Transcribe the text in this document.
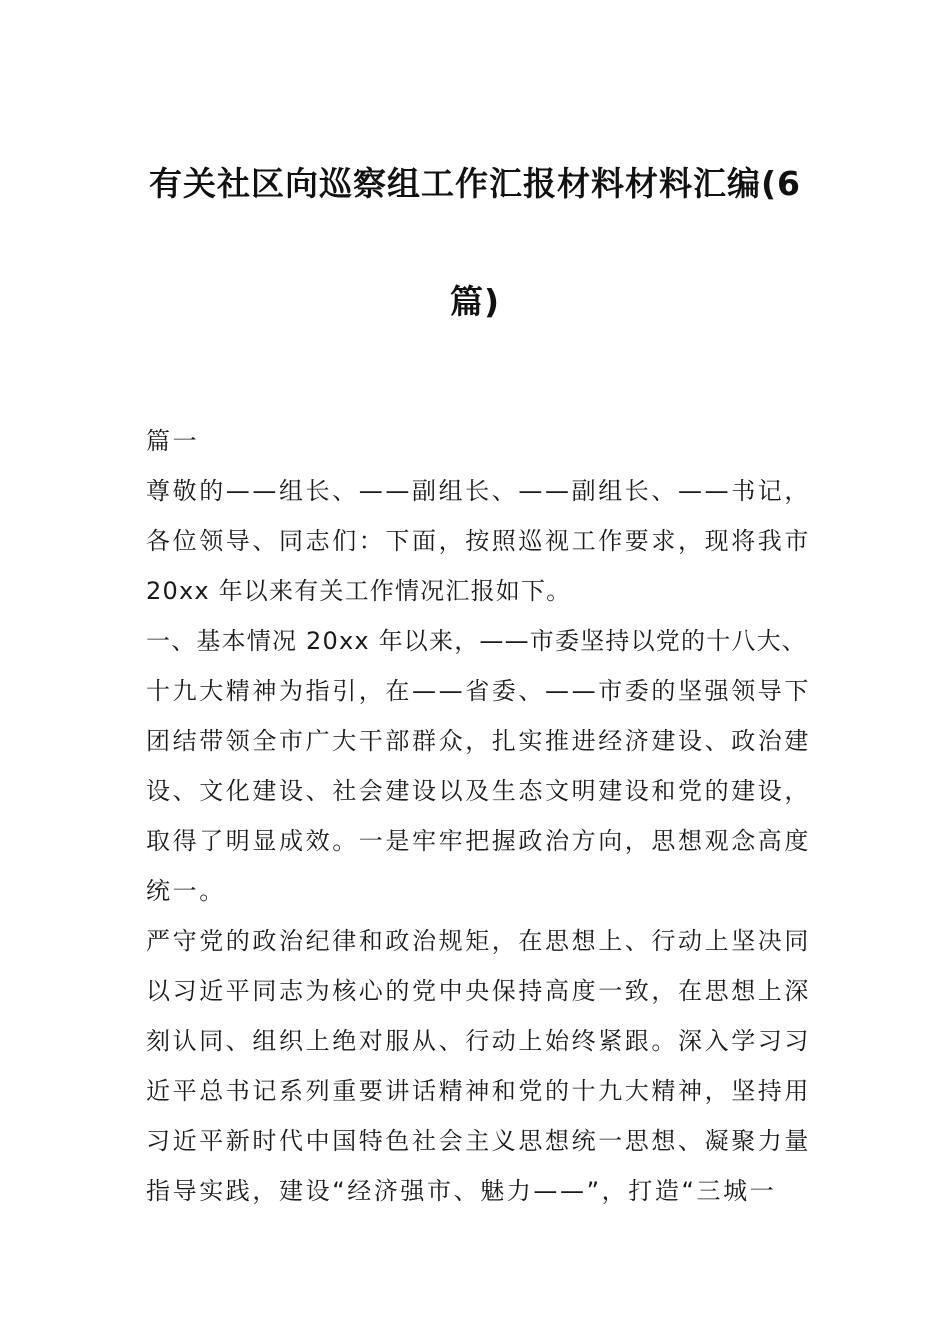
有关社区向巡察组工作汇报材料材料汇编(6
篇)
篇一
尊敬的——组长、——副组长、——副组长、——书记，
各位领导、同志们：下面，按照巡视工作要求，现将我市
20xx 年以来有关工作情况汇报如下。
一、基本情况 20xx 年以来，——市委坚持以党的十八大、
十九大精神为指引，在——省委、——市委的坚强领导下
团结带领全市广大干部群众，扎实推进经济建设、政治建
设、文化建设、社会建设以及生态文明建设和党的建设，
取得了明显成效。一是牢牢把握政治方向，思想观念高度
统一。
严守党的政治纪律和政治规矩，在思想上、行动上坚决同
以习近平同志为核心的党中央保持高度一致，在思想上深
刻认同、组织上绝对服从、行动上始终紧跟。深入学习习
近平总书记系列重要讲话精神和党的十九大精神，坚持用
习近平新时代中国特色社会主义思想统一思想、凝聚力量
指导实践，建设“经济强市、魅力——”，打造“三城一
